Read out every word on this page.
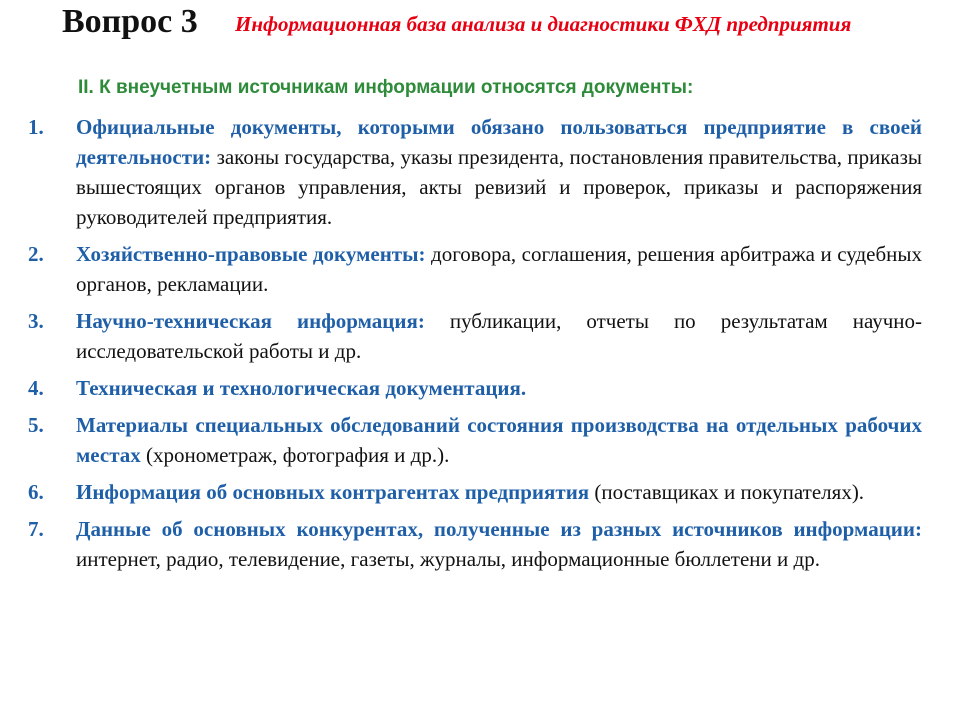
Вопрос 3 Информационная база анализа и диагностики ФХД предприятия
II. К внеучетным источникам информации относятся документы:
1.	Официальные документы, которыми обязано пользоваться предприятие в своей деятельности: законы государства, указы президента, постановления правительства, приказы вышестоящих органов управления, акты ревизий и проверок, приказы и распоряжения руководителей предприятия.
2.	Хозяйственно-правовые документы: договора, соглашения, решения арбитража и судебных органов, рекламации.
3.	Научно-техническая информация: публикации, отчеты по результатам научно-исследовательской работы и др.
4.	Техническая и технологическая документация.
5.	Материалы специальных обследований состояния производства на отдельных рабочих местах (хронометраж, фотография и др.).
6.	Информация об основных контрагентах предприятия (поставщиках и покупателях).
7.	Данные об основных конкурентах, полученные из разных источников информации: интернет, радио, телевидение, газеты, журналы, информационные бюллетени и др.
